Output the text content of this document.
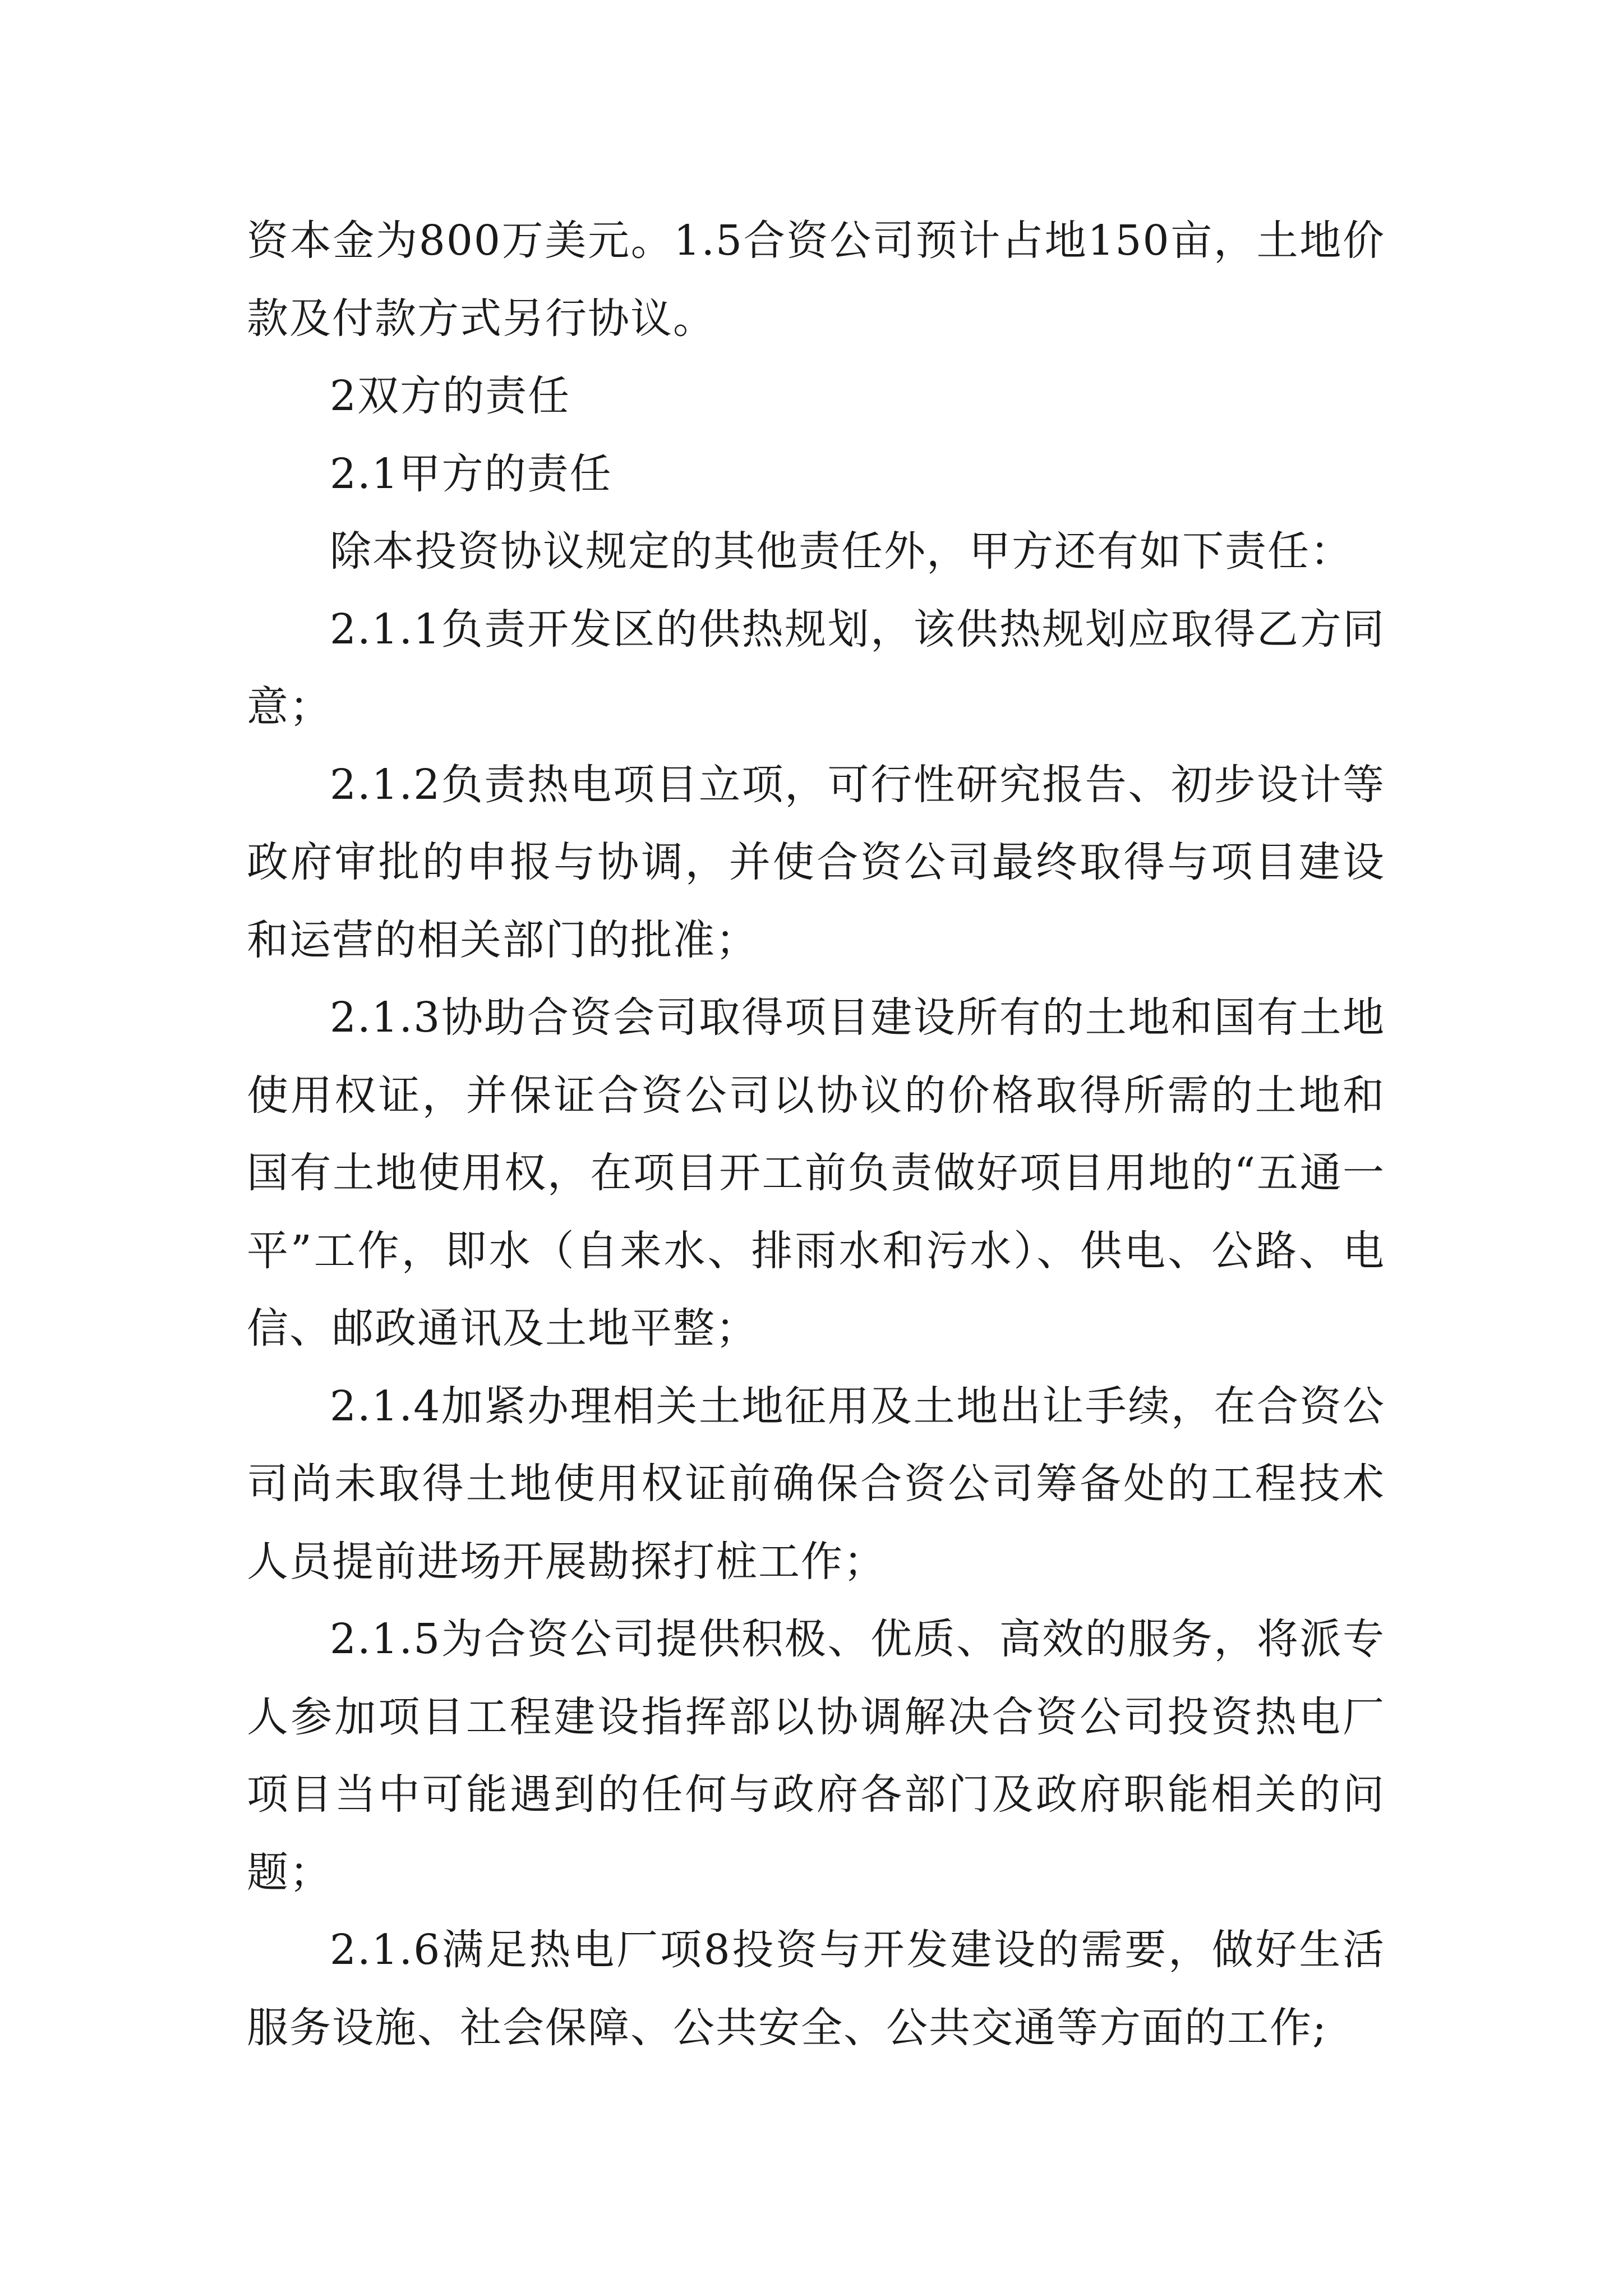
资本金为800万美元。1.5合资公司预计占地150亩，土地价款及付款方式另行协议。

2双方的责任

2.1甲方的责任

除本投资协议规定的其他责任外，甲方还有如下责任：

2.1.1负责开发区的供热规划，该供热规划应取得乙方同意；

2.1.2负责热电项目立项，可行性研究报告、初步设计等政府审批的申报与协调，并使合资公司最终取得与项目建设和运营的相关部门的批准；

2.1.3协助合资会司取得项目建设所有的土地和国有土地使用权证，并保证合资公司以协议的价格取得所需的土地和国有土地使用权，在项目开工前负责做好项目用地的“五通一平”工作，即水（自来水、排雨水和污水）、供电、公路、电信、邮政通讯及土地平整；

2.1.4加紧办理相关土地征用及土地出让手续，在合资公司尚未取得土地使用权证前确保合资公司筹备处的工程技术人员提前进场开展勘探打桩工作；

2.1.5为合资公司提供积极、优质、高效的服务，将派专人参加项目工程建设指挥部以协调解决合资公司投资热电厂项目当中可能遇到的任何与政府各部门及政府职能相关的问题；

2.1.6满足热电厂项8投资与开发建设的需要，做好生活服务设施、社会保障、公共安全、公共交通等方面的工作;
